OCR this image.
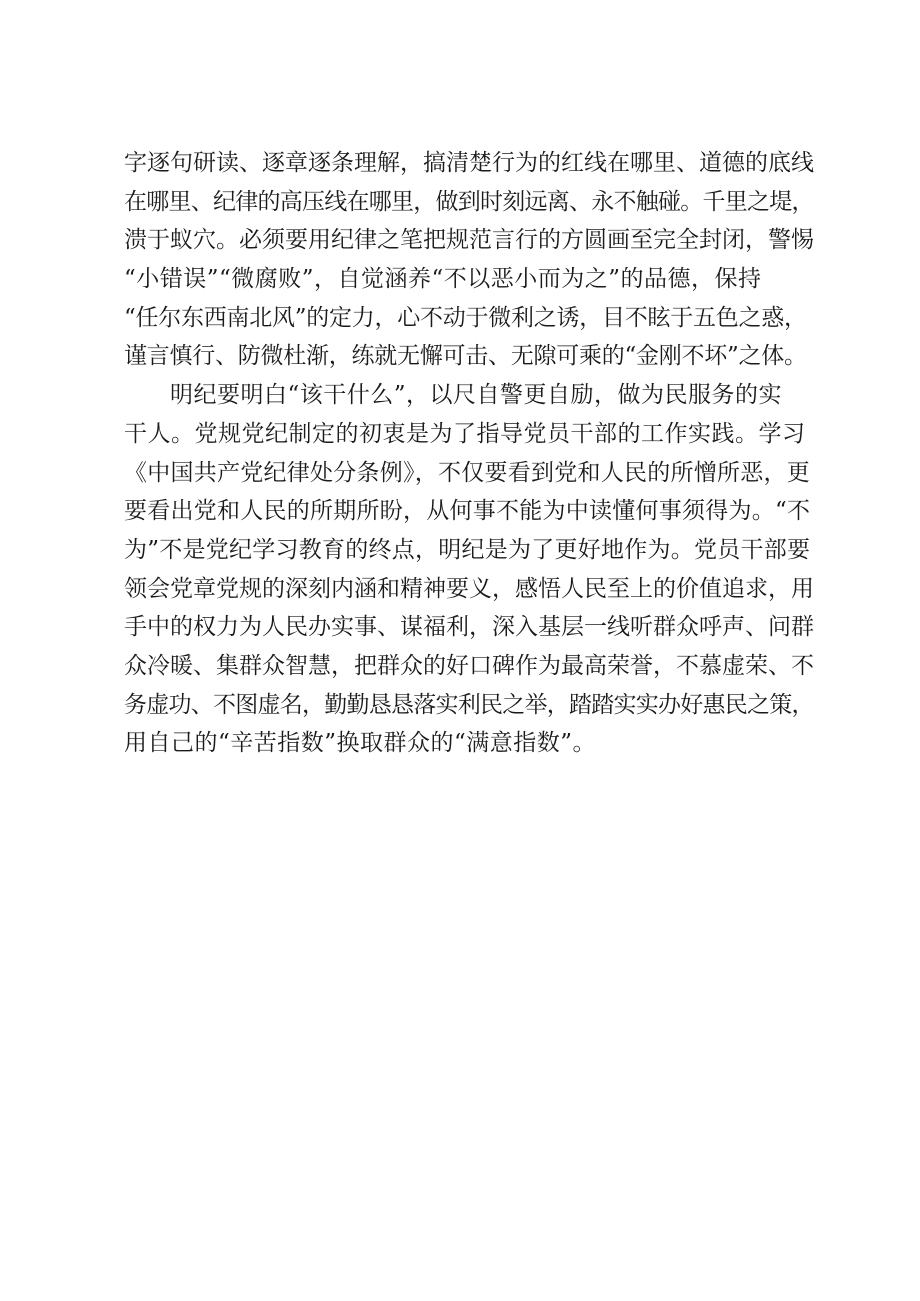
字逐句研读、逐章逐条理解，搞清楚行为的红线在哪里、道德的底线
在哪里、纪律的高压线在哪里，做到时刻远离、永不触碰。千里之堤，
溃于蚁穴。必须要用纪律之笔把规范言行的方圆画至完全封闭，警惕
“小错误”“微腐败”，自觉涵养“不以恶小而为之”的品德，保持
“任尔东西南北风”的定力，心不动于微利之诱，目不眩于五色之惑，
谨言慎行、防微杜渐，练就无懈可击、无隙可乘的“金刚不坏”之体。
明纪要明白“该干什么”，以尺自警更自励，做为民服务的实
干人。党规党纪制定的初衷是为了指导党员干部的工作实践。学习
《中国共产党纪律处分条例》，不仅要看到党和人民的所憎所恶，更
要看出党和人民的所期所盼，从何事不能为中读懂何事须得为。“不
为”不是党纪学习教育的终点，明纪是为了更好地作为。党员干部要
领会党章党规的深刻内涵和精神要义，感悟人民至上的价值追求，用
手中的权力为人民办实事、谋福利，深入基层一线听群众呼声、问群
众冷暖、集群众智慧，把群众的好口碑作为最高荣誉，不慕虚荣、不
务虚功、不图虚名，勤勤恳恳落实利民之举，踏踏实实办好惠民之策，
用自己的“辛苦指数”换取群众的“满意指数”。
